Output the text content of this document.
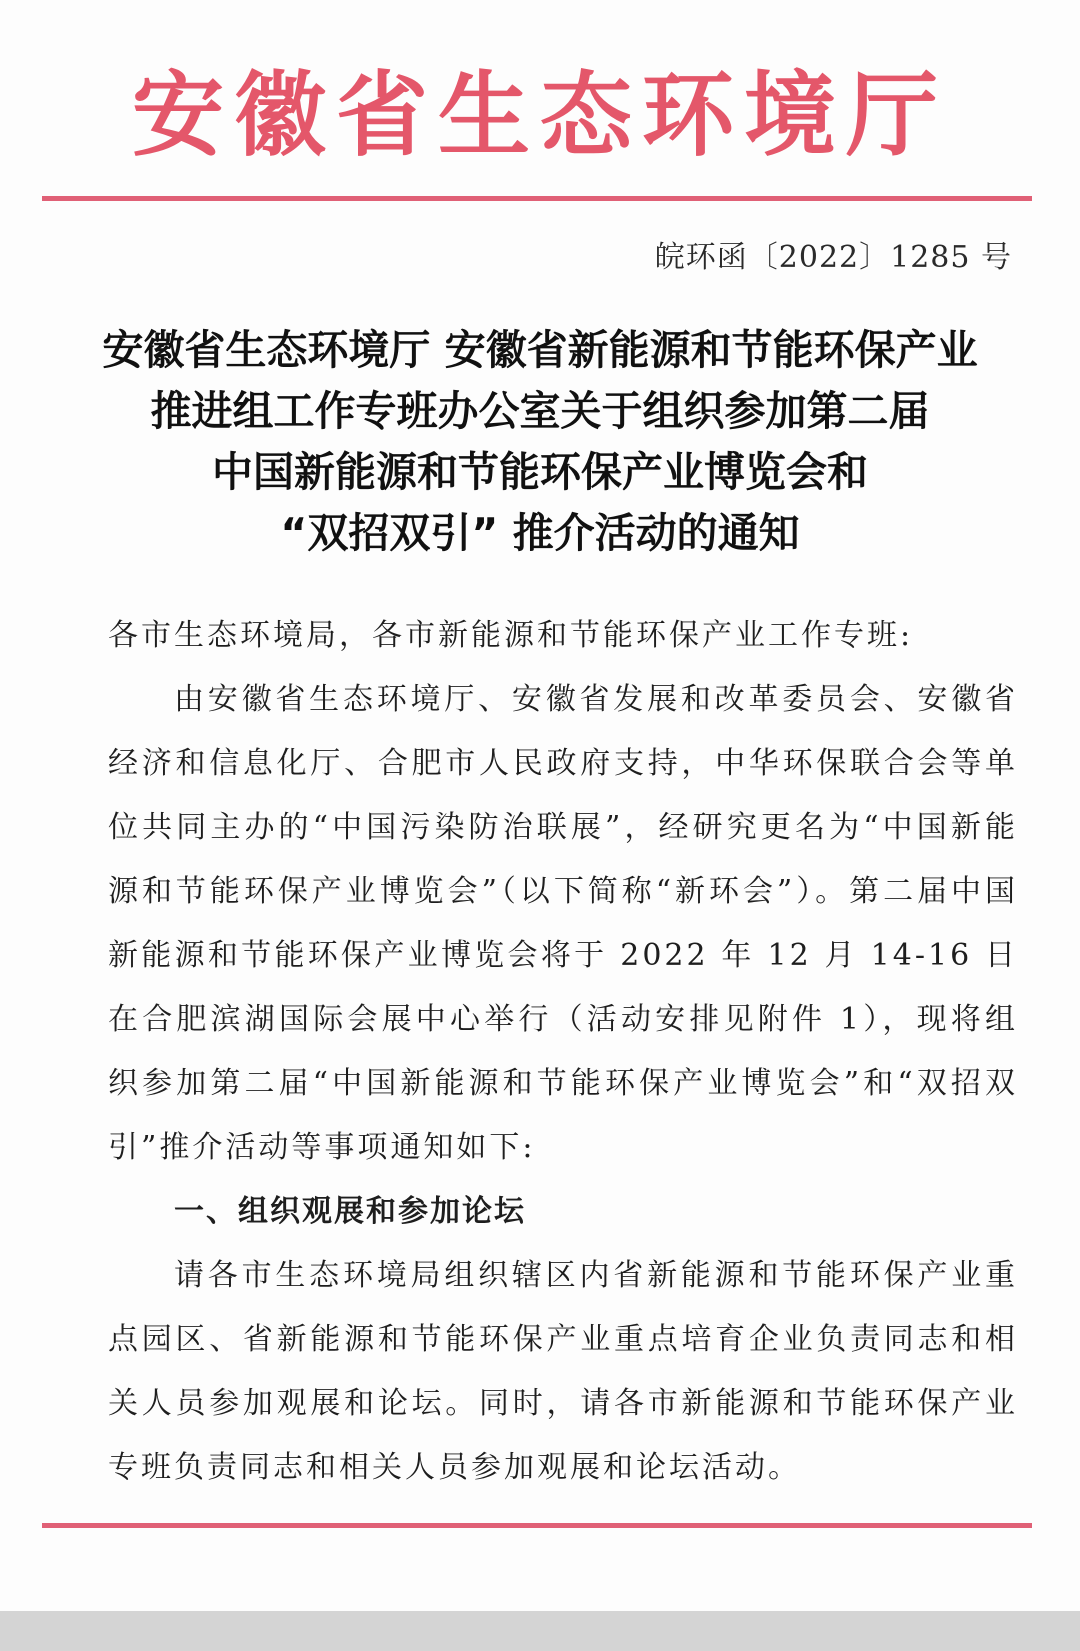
安徽省生态环境厅
皖环函〔2022〕1285 号
安徽省生态环境厅 安徽省新能源和节能环保产业
推进组工作专班办公室关于组织参加第二届
中国新能源和节能环保产业博览会和
“双招双引” 推介活动的通知

各市生态环境局，各市新能源和节能环保产业工作专班:

由安徽省生态环境厅、安徽省发展和改革委员会、安徽省经济和信息化厅、合肥市人民政府支持，中华环保联合会等单位共同主办的“中国污染防治联展”，经研究更名为“中国新能源和节能环保产业博览会”（以下简称“新环会”）。第二届中国新能源和节能环保产业博览会将于 2022 年 12 月 14-16 日在合肥滨湖国际会展中心举行（活动安排见附件 1），现将组织参加第二届“中国新能源和节能环保产业博览会”和“双招双引”推介活动等事项通知如下:

一、组织观展和参加论坛

请各市生态环境局组织辖区内省新能源和节能环保产业重点园区、省新能源和节能环保产业重点培育企业负责同志和相关人员参加观展和论坛。同时，请各市新能源和节能环保产业专班负责同志和相关人员参加观展和论坛活动。
